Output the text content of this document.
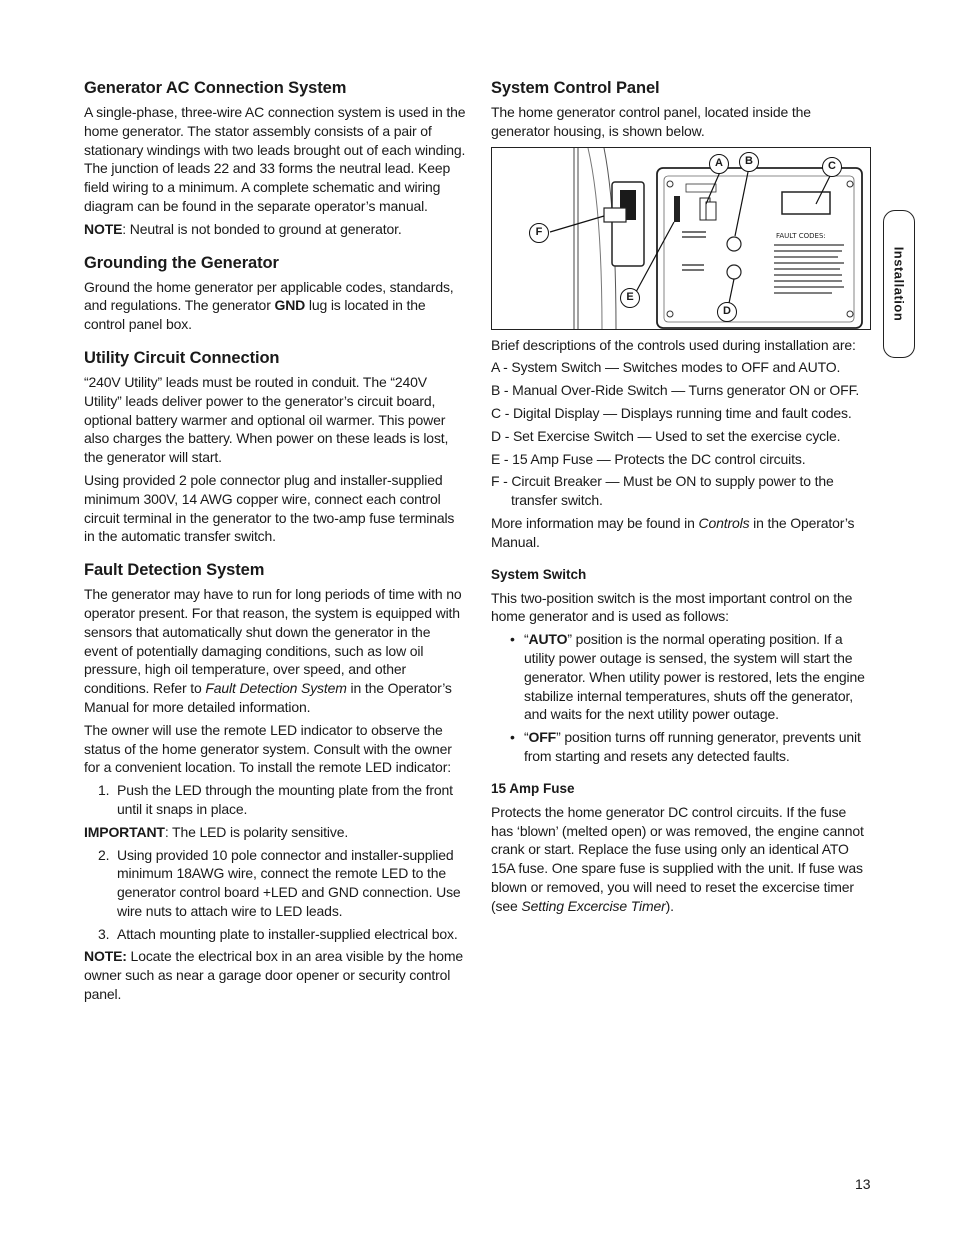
Generator AC Connection System

A single-phase, three-wire AC connection system is used in the home generator. The stator assembly consists of a pair of stationary windings with two leads brought out of each winding. The junction of leads 22 and 33 forms the neutral lead. Keep field wiring to a minimum. A complete schematic and wiring diagram can be found in the separate operator’s manual.

NOTE: Neutral is not bonded to ground at generator.

Grounding the Generator

Ground the home generator per applicable codes, standards, and regulations. The generator GND lug is located in the control panel box.

Utility Circuit Connection

“240V Utility” leads must be routed in conduit. The “240V Utility” leads deliver power to the generator’s circuit board, optional battery warmer and optional oil warmer. This power also charges the battery. When power on these leads is lost, the generator will start.

Using provided 2 pole connector plug and installer-supplied minimum 300V, 14 AWG copper wire, connect each control circuit terminal in the generator to the two-amp fuse terminals in the automatic transfer switch.

Fault Detection System

The generator may have to run for long periods of time with no operator present. For that reason, the system is equipped with sensors that automatically shut down the generator in the event of potentially damaging conditions, such as low oil pressure, high oil temperature, over speed, and other conditions. Refer to Fault Detection System in the Operator’s Manual for more detailed information.

The owner will use the remote LED indicator to observe the status of the home generator system. Consult with the owner for a convenient location. To install the remote LED indicator:

1. Push the LED through the mounting plate from the front until it snaps in place.

IMPORTANT: The LED is polarity sensitive.

2. Using provided 10 pole connector and installer-supplied minimum 18AWG wire, connect the remote LED to the generator control board +LED and GND connection. Use wire nuts to attach wire to LED leads.
3. Attach mounting plate to installer-supplied electrical box.

NOTE: Locate the electrical box in an area visible by the home owner such as near a garage door opener or security control panel.

System Control Panel

The home generator control panel, located inside the generator housing, is shown below.

FAULT CODES:
A	B	C
D
E
F

Brief descriptions of the controls used during installation are:

A - System Switch — Switches modes to OFF and AUTO.
B - Manual Over-Ride Switch — Turns generator ON or OFF.
C - Digital Display — Displays running time and fault codes.
D - Set Exercise Switch — Used to set the exercise cycle.
E - 15 Amp Fuse — Protects the DC control circuits.
F - Circuit Breaker — Must be ON to supply power to the transfer switch.

More information may be found in Controls in the Operator’s Manual.

System Switch

This two-position switch is the most important control on the home generator and is used as follows:

• “AUTO” position is the normal operating position. If a utility power outage is sensed, the system will start the generator. When utility power is restored, lets the engine stabilize internal temperatures, shuts off the generator, and waits for the next utility power outage.
• “OFF” position turns off running generator, prevents unit from starting and resets any detected faults.
15 Amp Fuse

Protects the home generator DC control circuits. If the fuse has ‘blown’ (melted open) or was removed, the engine cannot crank or start. Replace the fuse using only an identical ATO 15A fuse. One spare fuse is supplied with the unit. If fuse was blown or removed, you will need to reset the excercise timer (see Setting Excercise Timer).

Installation
13
